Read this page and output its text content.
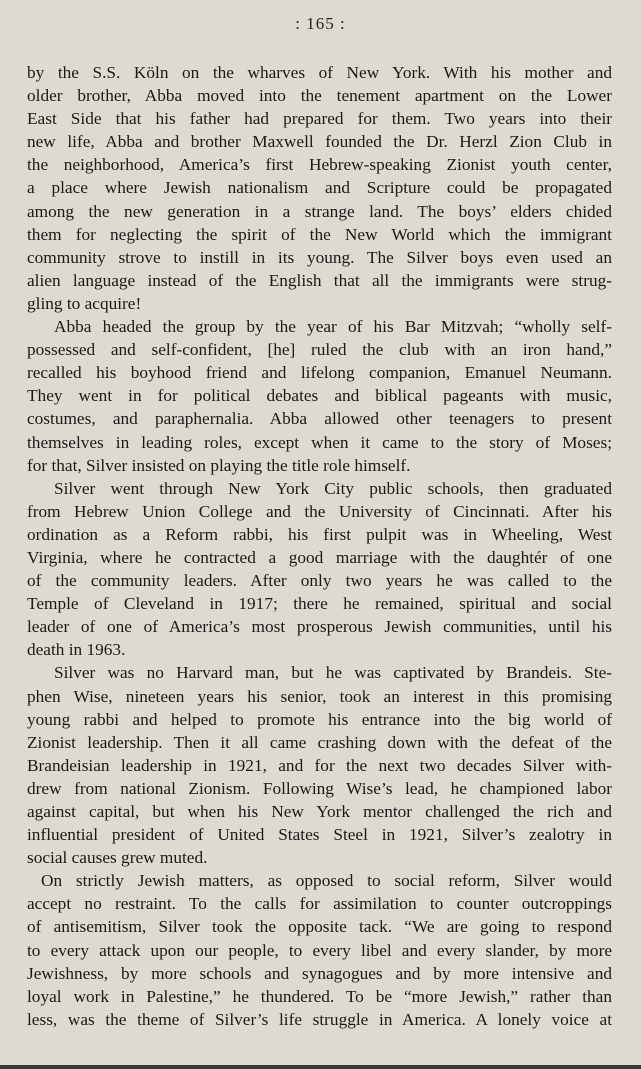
: 165 :
by the S.S. Köln on the wharves of New York. With his mother and
older brother, Abba moved into the tenement apartment on the Lower
East Side that his father had prepared for them. Two years into their
new life, Abba and brother Maxwell founded the Dr. Herzl Zion Club in
the neighborhood, America’s first Hebrew-speaking Zionist youth center,
a place where Jewish nationalism and Scripture could be propagated
among the new generation in a strange land. The boys’ elders chided
them for neglecting the spirit of the New World which the immigrant
community strove to instill in its young. The Silver boys even used an
alien language instead of the English that all the immigrants were strug-
gling to acquire!
Abba headed the group by the year of his Bar Mitzvah; “wholly self-
possessed and self-confident, [he] ruled the club with an iron hand,”
recalled his boyhood friend and lifelong companion, Emanuel Neumann.
They went in for political debates and biblical pageants with music,
costumes, and paraphernalia. Abba allowed other teenagers to present
themselves in leading roles, except when it came to the story of Moses;
for that, Silver insisted on playing the title role himself.
Silver went through New York City public schools, then graduated
from Hebrew Union College and the University of Cincinnati. After his
ordination as a Reform rabbi, his first pulpit was in Wheeling, West
Virginia, where he contracted a good marriage with the daughtér of one
of the community leaders. After only two years he was called to the
Temple of Cleveland in 1917; there he remained, spiritual and social
leader of one of America’s most prosperous Jewish communities, until his
death in 1963.
Silver was no Harvard man, but he was captivated by Brandeis. Ste-
phen Wise, nineteen years his senior, took an interest in this promising
young rabbi and helped to promote his entrance into the big world of
Zionist leadership. Then it all came crashing down with the defeat of the
Brandeisian leadership in 1921, and for the next two decades Silver with-
drew from national Zionism. Following Wise’s lead, he championed labor
against capital, but when his New York mentor challenged the rich and
influential president of United States Steel in 1921, Silver’s zealotry in
social causes grew muted.
On strictly Jewish matters, as opposed to social reform, Silver would
accept no restraint. To the calls for assimilation to counter outcroppings
of antisemitism, Silver took the opposite tack. “We are going to respond
to every attack upon our people, to every libel and every slander, by more
Jewishness, by more schools and synagogues and by more intensive and
loyal work in Palestine,” he thundered. To be “more Jewish,” rather than
less, was the theme of Silver’s life struggle in America. A lonely voice at
